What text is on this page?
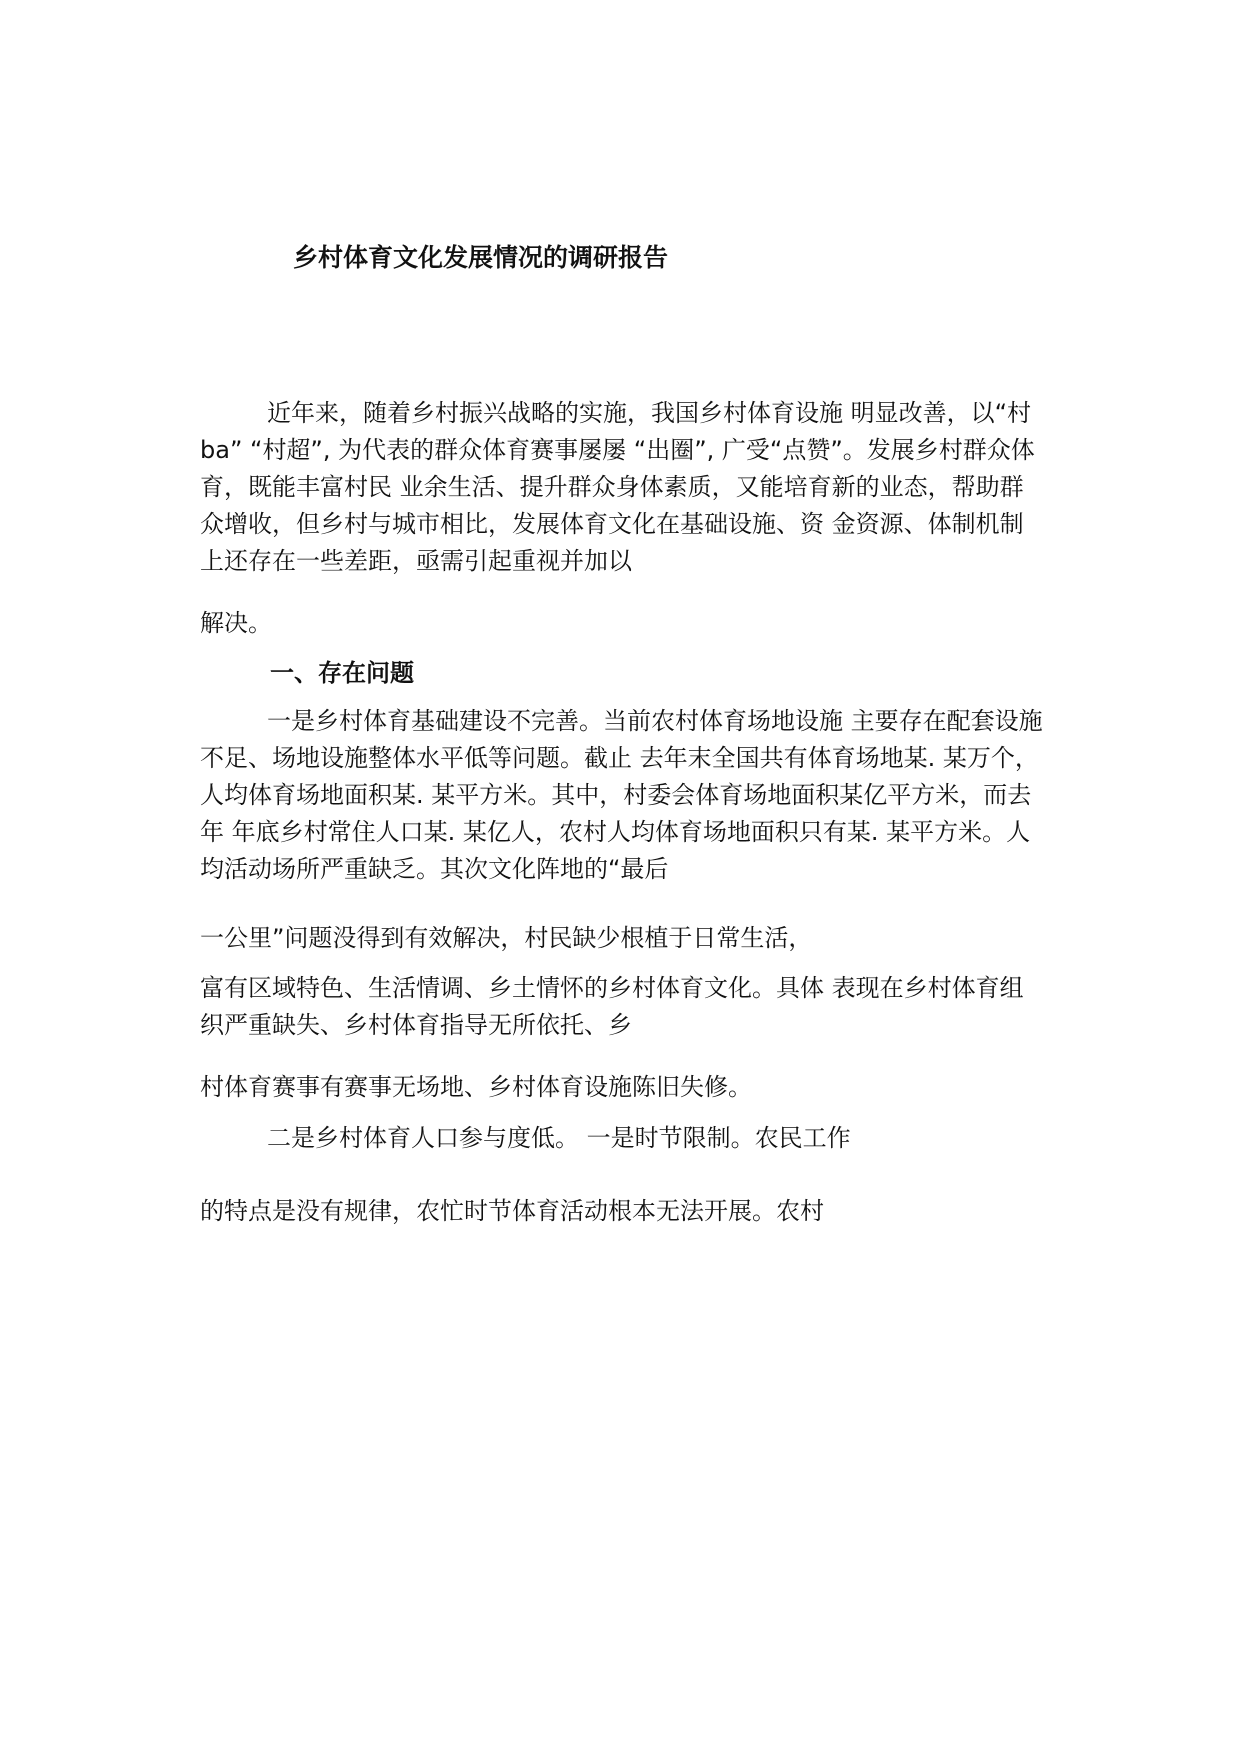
乡村体育文化发展情况的调研报告
近年来，随着乡村振兴战略的实施，我国乡村体育设施 明显改善，以“村
ba” “村超”, 为代表的群众体育赛事屡屡 “出圈”, 广受“点赞”。发展乡村群众体
育，既能丰富村民 业余生活、提升群众身体素质，又能培育新的业态，帮助群
众增收，但乡村与城市相比，发展体育文化在基础设施、资 金资源、体制机制
上还存在一些差距，亟需引起重视并加以
解决。
一、存在问题
一是乡村体育基础建设不完善。当前农村体育场地设施 主要存在配套设施
不足、场地设施整体水平低等问题。截止 去年末全国共有体育场地某. 某万个，
人均体育场地面积某. 某平方米。其中，村委会体育场地面积某亿平方米，而去
年 年底乡村常住人口某. 某亿人，农村人均体育场地面积只有某. 某平方米。人
均活动场所严重缺乏。其次文化阵地的“最后
一公里”问题没得到有效解决，村民缺少根植于日常生活，
富有区域特色、生活情调、乡土情怀的乡村体育文化。具体 表现在乡村体育组
织严重缺失、乡村体育指导无所依托、乡
村体育赛事有赛事无场地、乡村体育设施陈旧失修。
二是乡村体育人口参与度低。 一是时节限制。农民工作
的特点是没有规律，农忙时节体育活动根本无法开展。农村
